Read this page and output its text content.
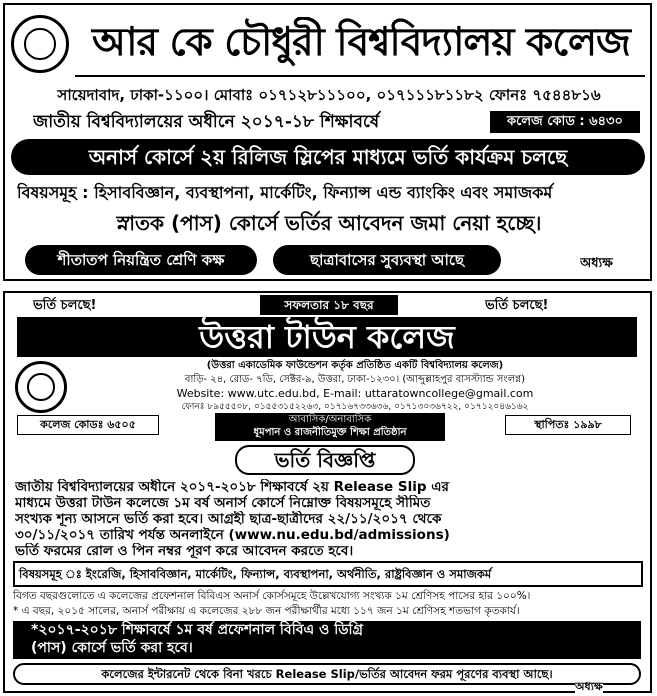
আর কে চৌধুরী বিশ্ববিদ্যালয় কলেজ
সায়েদাবাদ, ঢাকা-১১০০। মোবাঃ ০১৭১২৮১১১০০, ০১৭১১১৮১১৮২ ফোনঃ ৭৫৪৪৮১৬
জাতীয় বিশ্ববিদ্যালয়ের অধীনে ২০১৭-১৮ শিক্ষাবর্ষে	কলেজ কোড : ৬৪৩০
অনার্স কোর্সে ২য় রিলিজ স্লিপের মাধ্যমে ভর্তি কার্যক্রম চলছে
বিষয়সমূহ : হিসাববিজ্ঞান, ব্যবস্থাপনা, মার্কেটিং, ফিন্যান্স এন্ড ব্যাংকিং এবং সমাজকর্ম
স্নাতক (পাস) কোর্সে ভর্তির আবেদন জমা নেয়া হচ্ছে।
শীতাতপ নিয়ন্ত্রিত শ্রেণি কক্ষ	ছাত্রাবাসের সুব্যবস্থা আছে	অধ্যক্ষ
ভর্তি চলছে!	সফলতার ১৮ বছর	ভর্তি চলছে!
উত্তরা টাউন কলেজ
(উত্তরা একাডেমিক ফাউন্ডেশন কর্তৃক প্রতিষ্ঠিত একটি বিশ্ববিদ্যালয় কলেজ)
বাড়ি- ২৪, রোড- ৭ডি, সেক্টর-৯, উত্তরা, ঢাকা-১২৩০। (আব্দুল্লাহপুর বাসস্ট্যান্ড সংলগ্ন)
Website: www.utc.edu.bd, E-mail: uttaratowncollege@gmail.com
ফোনঃ ৮৯৫৫৫০৮, ০১৫৫৩১৫২২৬৩, ০১৭১৬৭৩৩৬৩৬, ০১৭১৩০৩৬৭২২, ০১৭১২০৪৬১৬২
কলেজ কোডঃ ৬৫০৫	আবাসিক/অনাবাসিক
ধূমপান ও রাজনীতিমুক্ত শিক্ষা প্রতিষ্ঠান
স্থাপিতঃ ১৯৯৮
ভর্তি বিজ্ঞপ্তি
জাতীয় বিশ্ববিদ্যালয়ের অধীনে ২০১৭-২০১৮ শিক্ষাবর্ষে ২য় Release Slip এর
মাধ্যমে উত্তরা টাউন কলেজে ১ম বর্ষ অনার্স কোর্সে নিম্নোক্ত বিষয়সমূহে সীমিত
সংখ্যক শূন্য আসনে ভর্তি করা হবে। আগ্রহী ছাত্র-ছাত্রীদের ২২/১১/২০১৭ থেকে
৩০/১১/২০১৭ তারিখ পর্যন্ত অনলাইনে (www.nu.edu.bd/admissions)
ভর্তি ফরমের রোল ও পিন নম্বর পূরণ করে আবেদন করতে হবে।
বিষয়সমূহ ঃ ইংরেজি, হিসাববিজ্ঞান, মার্কেটিং, ফিন্যান্স, ব্যবস্থাপনা, অর্থনীতি, রাষ্ট্রবিজ্ঞান ও সমাজকর্ম
বিগত বছরগুলোতে এ কলেজের প্রফেশনাল বিবিএস অনার্স কোর্সসমূহে উল্লেখযোগ্য সংখ্যক ১ম শ্রেণিসহ পাসের হার ১০০%।
* এ বছর, ২০১৫ সালের, অনার্স পরীক্ষায় এ কলেজের ২৮৮ জন পরীক্ষার্থীর মধ্যে ১১৭ জন ১ম শ্রেণিসহ শতভাগ কৃতকার্য।
*২০১৭-২০১৮ শিক্ষাবর্ষে ১ম বর্ষ প্রফেশনাল বিবিএ ও ডিগ্রি
(পাস) কোর্সে ভর্তি করা হবে।
কলেজের ইন্টারনেট থেকে বিনা খরচে Release Slip/ভর্তির আবেদন ফরম পূরণের ব্যবস্থা আছে।
অধ্যক্ষ
